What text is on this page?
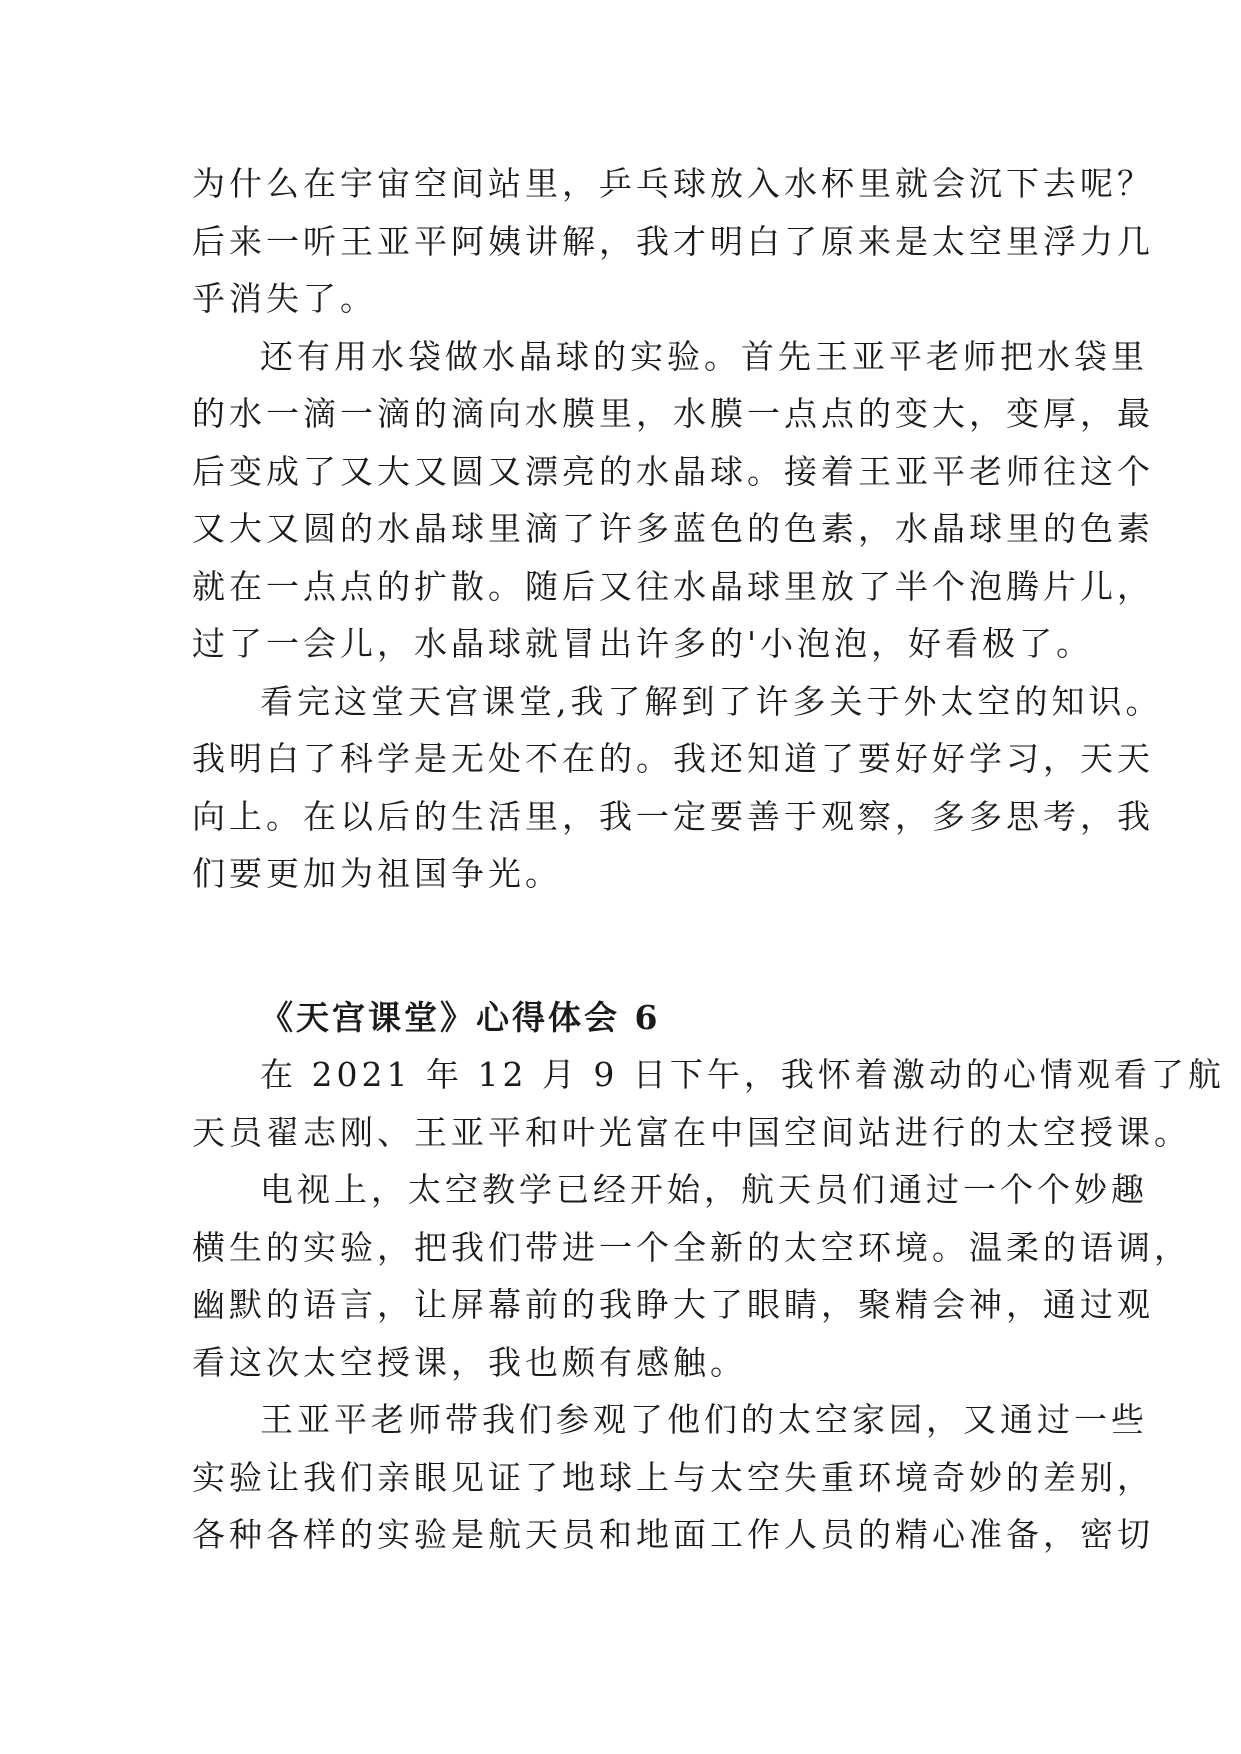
为什么在宇宙空间站里，乒乓球放入水杯里就会沉下去呢？
后来一听王亚平阿姨讲解，我才明白了原来是太空里浮力几
乎消失了。

还有用水袋做水晶球的实验。首先王亚平老师把水袋里
的水一滴一滴的滴向水膜里，水膜一点点的变大，变厚，最
后变成了又大又圆又漂亮的水晶球。接着王亚平老师往这个
又大又圆的水晶球里滴了许多蓝色的色素，水晶球里的色素
就在一点点的扩散。随后又往水晶球里放了半个泡腾片儿，
过了一会儿，水晶球就冒出许多的'小泡泡，好看极了。

看完这堂天宫课堂,我了解到了许多关于外太空的知识。
我明白了科学是无处不在的。我还知道了要好好学习，天天
向上。在以后的生活里，我一定要善于观察，多多思考，我
们要更加为祖国争光。

《天宫课堂》心得体会 6

在 2021 年 12 月 9 日下午，我怀着激动的心情观看了航
天员翟志刚、王亚平和叶光富在中国空间站进行的太空授课。

电视上，太空教学已经开始，航天员们通过一个个妙趣
横生的实验，把我们带进一个全新的太空环境。温柔的语调，
幽默的语言，让屏幕前的我睁大了眼睛，聚精会神，通过观
看这次太空授课，我也颇有感触。

王亚平老师带我们参观了他们的太空家园，又通过一些
实验让我们亲眼见证了地球上与太空失重环境奇妙的差别，
各种各样的实验是航天员和地面工作人员的精心准备，密切
